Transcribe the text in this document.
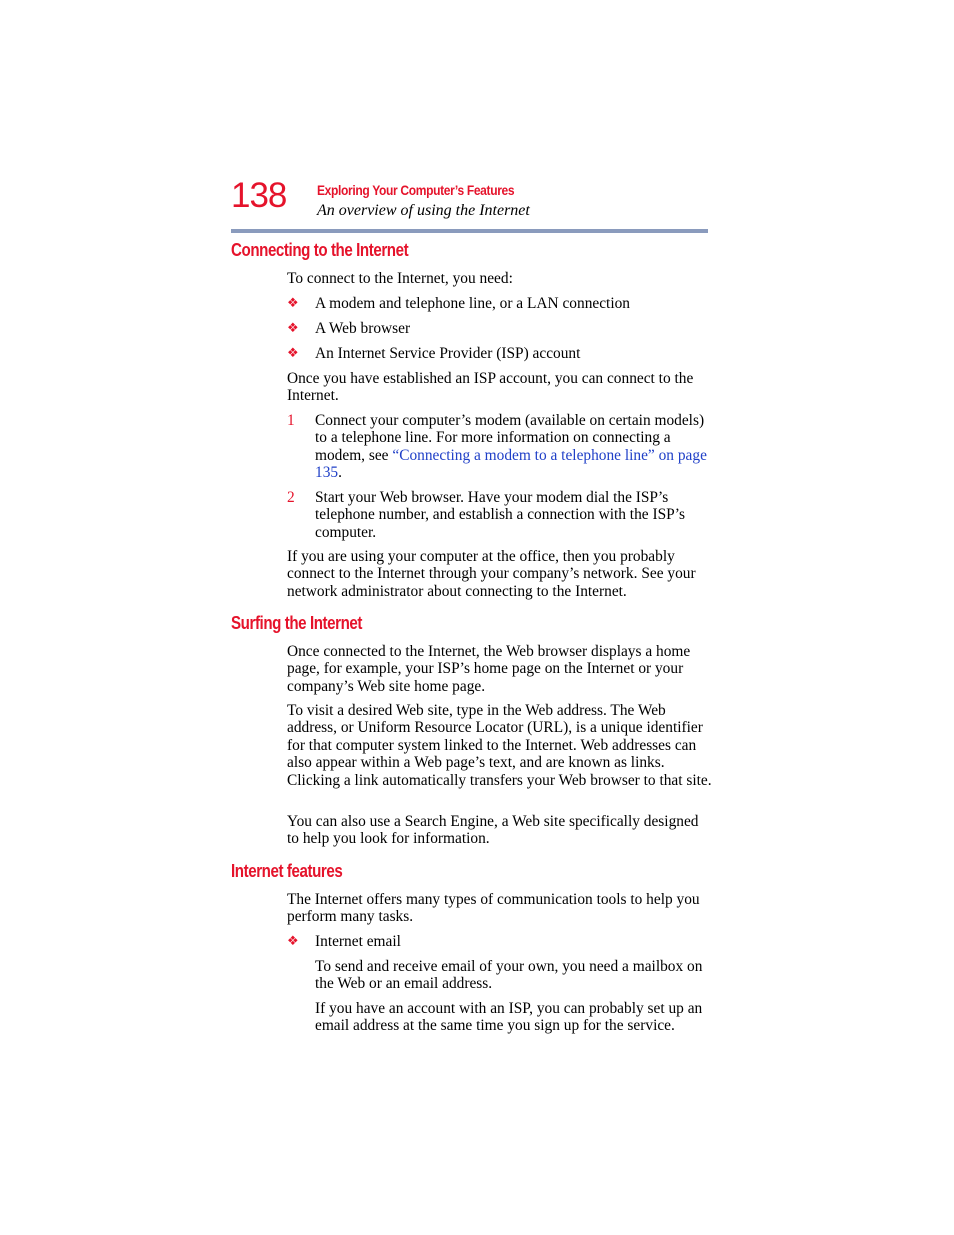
138 Exploring Your Computer’s Features
An overview of using the Internet
Connecting to the Internet
To connect to the Internet, you need:
❖ A modem and telephone line, or a LAN connection
❖ A Web browser
❖ An Internet Service Provider (ISP) account
Once you have established an ISP account, you can connect to the Internet.
1 Connect your computer’s modem (available on certain models) to a telephone line. For more information on connecting a modem, see “Connecting a modem to a telephone line” on page 135.
2 Start your Web browser. Have your modem dial the ISP’s telephone number, and establish a connection with the ISP’s computer.
If you are using your computer at the office, then you probably connect to the Internet through your company’s network. See your network administrator about connecting to the Internet.
Surfing the Internet
Once connected to the Internet, the Web browser displays a home page, for example, your ISP’s home page on the Internet or your company’s Web site home page.
To visit a desired Web site, type in the Web address. The Web address, or Uniform Resource Locator (URL), is a unique identifier for that computer system linked to the Internet. Web addresses can also appear within a Web page’s text, and are known as links. Clicking a link automatically transfers your Web browser to that site.
You can also use a Search Engine, a Web site specifically designed to help you look for information.
Internet features
The Internet offers many types of communication tools to help you perform many tasks.
❖ Internet email
To send and receive email of your own, you need a mailbox on the Web or an email address.
If you have an account with an ISP, you can probably set up an email address at the same time you sign up for the service.
